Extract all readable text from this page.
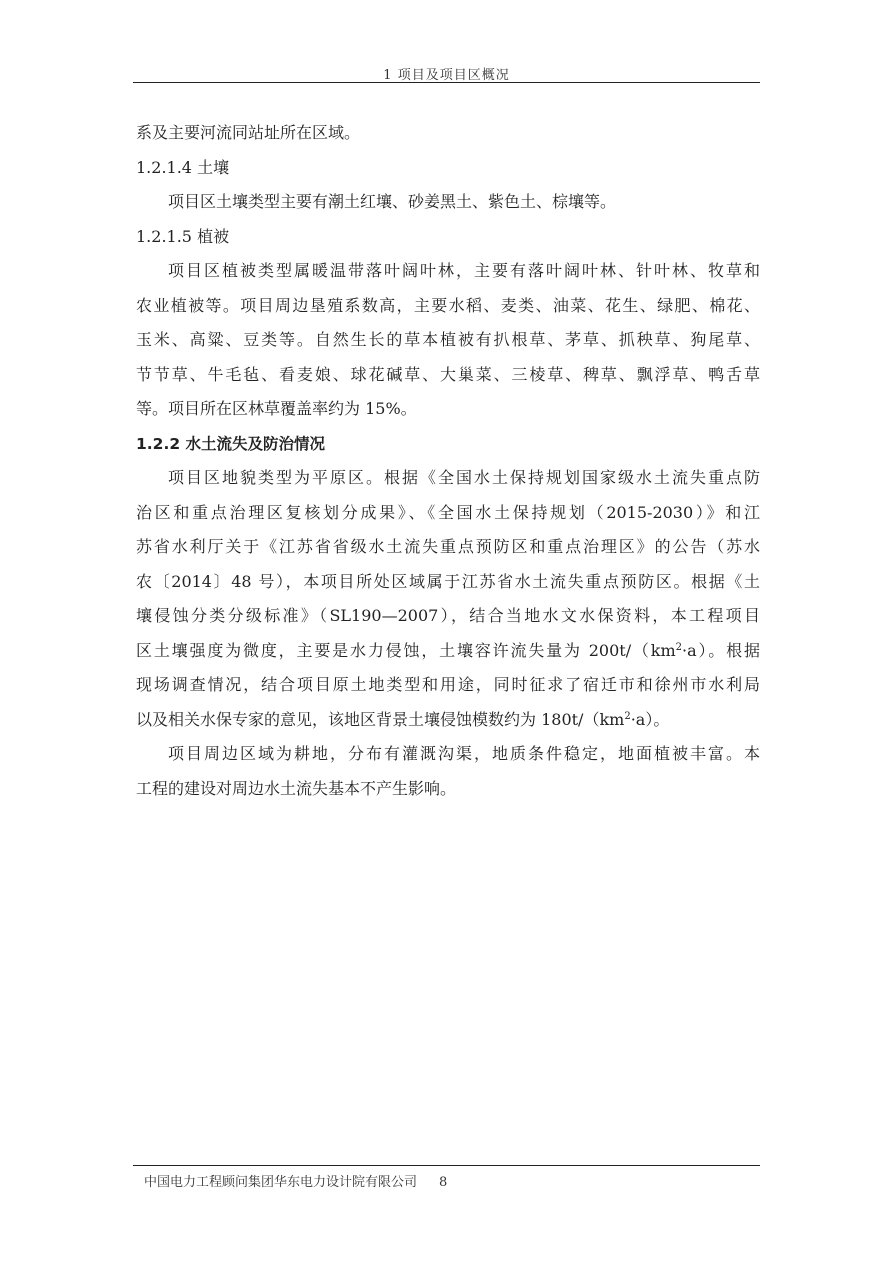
1 项目及项目区概况
系及主要河流同站址所在区域。
1.2.1.4 土壤
项目区土壤类型主要有潮土红壤、砂姜黑土、紫色土、棕壤等。
1.2.1.5 植被
项目区植被类型属暖温带落叶阔叶林，主要有落叶阔叶林、针叶林、牧草和
农业植被等。项目周边垦殖系数高，主要水稻、麦类、油菜、花生、绿肥、棉花、
玉米、高粱、豆类等。自然生长的草本植被有扒根草、茅草、抓秧草、狗尾草、
节节草、牛毛毡、看麦娘、球花碱草、大巢菜、三棱草、稗草、飘浮草、鸭舌草
等。项目所在区林草覆盖率约为 15%。
1.2.2 水土流失及防治情况
项目区地貌类型为平原区。根据《全国水土保持规划国家级水土流失重点防
治区和重点治理区复核划分成果》、《全国水土保持规划（2015-2030）》和江
苏省水利厅关于《江苏省省级水土流失重点预防区和重点治理区》的公告（苏水
农〔2014〕48 号），本项目所处区域属于江苏省水土流失重点预防区。根据《土
壤侵蚀分类分级标准》（SL190—2007），结合当地水文水保资料，本工程项目
区土壤强度为微度，主要是水力侵蚀，土壤容许流失量为 $200t/(km^2\cdot a)$。根据
现场调查情况，结合项目原土地类型和用途，同时征求了宿迁市和徐州市水利局
以及相关水保专家的意见，该地区背景土壤侵蚀模数约为 $180t/(km^2\cdot a)$。
项目周边区域为耕地，分布有灌溉沟渠，地质条件稳定，地面植被丰富。本
工程的建设对周边水土流失基本不产生影响。
中国电力工程顾问集团华东电力设计院有限公司 8
